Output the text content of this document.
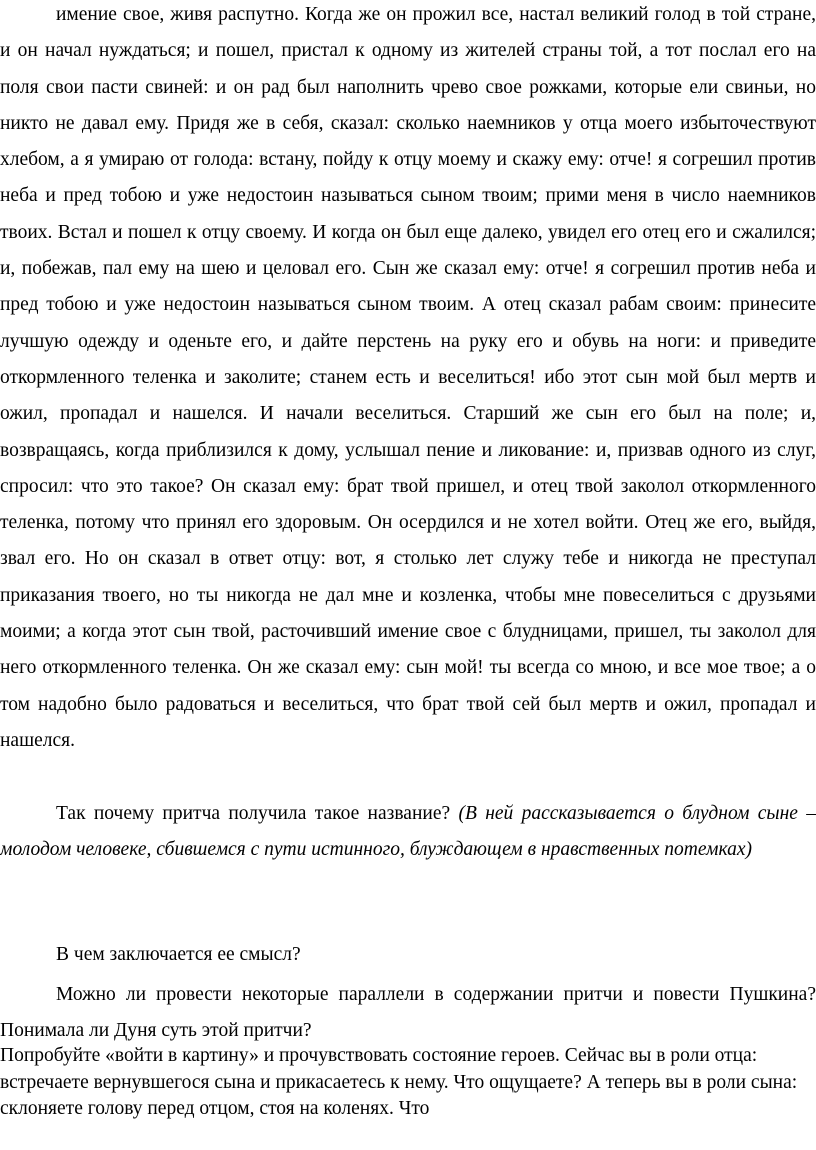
имение свое, живя распутно. Когда же он прожил все, настал великий голод в той стране, и он начал нуждаться; и пошел, пристал к одному из жителей страны той, а тот послал его на поля свои пасти свиней: и он рад был наполнить чрево свое рожками, которые ели свиньи, но никто не давал ему. Придя же в себя, сказал: сколько наемников у отца моего избыточествуют хлебом, а я умираю от голода: встану, пойду к отцу моему и скажу ему: отче! я согрешил против неба и пред тобою и уже недостоин называться сыном твоим; прими меня в число наемников твоих. Встал и пошел к отцу своему. И когда он был еще далеко, увидел его отец его и сжалился; и, побежав, пал ему на шею и целовал его. Сын же сказал ему: отче! я согрешил против неба и пред тобою и уже недостоин называться сыном твоим. А отец сказал рабам своим: принесите лучшую одежду и оденьте его, и дайте перстень на руку его и обувь на ноги: и приведите откормленного теленка и заколите; станем есть и веселиться! ибо этот сын мой был мертв и ожил, пропадал и нашелся. И начали веселиться. Старший же сын его был на поле; и, возвращаясь, когда приблизился к дому, услышал пение и ликование: и, призвав одного из слуг, спросил: что это такое? Он сказал ему: брат твой пришел, и отец твой заколол откормленного теленка, потому что принял его здоровым. Он осердился и не хотел войти. Отец же его, выйдя, звал его. Но он сказал в ответ отцу: вот, я столько лет служу тебе и никогда не преступал приказания твоего, но ты никогда не дал мне и козленка, чтобы мне повеселиться с друзьями моими; а когда этот сын твой, расточивший имение свое с блудницами, пришел, ты заколол для него откормленного теленка. Он же сказал ему: сын мой! ты всегда со мною, и все мое твое; а о том надобно было радоваться и веселиться, что брат твой сей был мертв и ожил, пропадал и нашелся.

Так почему притча получила такое название? (В ней рассказывается о блудном сыне – молодом человеке, сбившемся с пути истинного, блуждающем в нравственных потемках)

В чем заключается ее смысл?

Можно ли провести некоторые параллели в содержании притчи и повести Пушкина? Понимала ли Дуня суть этой притчи?

Попробуйте «войти в картину» и прочувствовать состояние героев. Сейчас вы в роли отца: встречаете вернувшегося сына и прикасаетесь к нему. Что ощущаете? А теперь вы в роли сына: склоняете голову перед отцом, стоя на коленях. Что
